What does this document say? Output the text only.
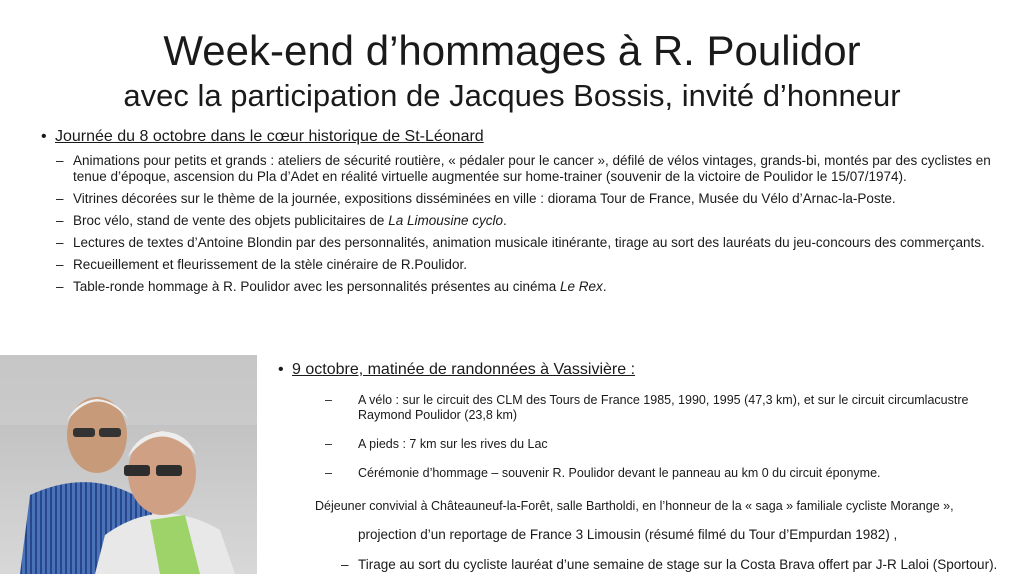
Week-end d’hommages à R. Poulidor
avec la participation de Jacques Bossis, invité d’honneur
• Journée du 8 octobre dans le cœur historique de St-Léonard
– Animations pour petits et grands : ateliers de sécurité routière, « pédaler pour le cancer », défilé de vélos vintages, grands-bi, montés par des cyclistes en tenue d’époque, ascension du Pla d’Adet en réalité virtuelle augmentée sur home-trainer (souvenir de la victoire de Poulidor le 15/07/1974).
– Vitrines décorées sur le thème de la journée, expositions disséminées en ville : diorama Tour de France, Musée du Vélo d’Arnac-la-Poste.
– Broc vélo, stand de vente des objets publicitaires de La Limousine cyclo.
– Lectures de textes d’Antoine Blondin par des personnalités, animation musicale itinérante, tirage au sort des lauréats du jeu-concours des commerçants.
– Recueillement et fleurissement de la stèle cinéraire de R.Poulidor.
– Table-ronde hommage à R. Poulidor avec les personnalités présentes au cinéma Le Rex.
• 9 octobre, matinée de randonnées à Vassivière :
– A vélo : sur le circuit des CLM des Tours de France 1985, 1990, 1995 (47,3 km), et sur le circuit circumlacustre Raymond Poulidor (23,8 km)
– A pieds : 7 km sur les rives du Lac
– Cérémonie d’hommage – souvenir R. Poulidor devant le panneau au km 0 du circuit éponyme.
Déjeuner convivial à Châteauneuf-la-Forêt, salle Bartholdi, en l’honneur de la « saga » familiale cycliste Morange »,
projection d’un reportage de France 3 Limousin (résumé filmé du Tour d’Empurdan 1982) ,
– Tirage au sort du cycliste lauréat d’une semaine de stage sur la Costa Brava offert par J-R Laloi (Sportour).
